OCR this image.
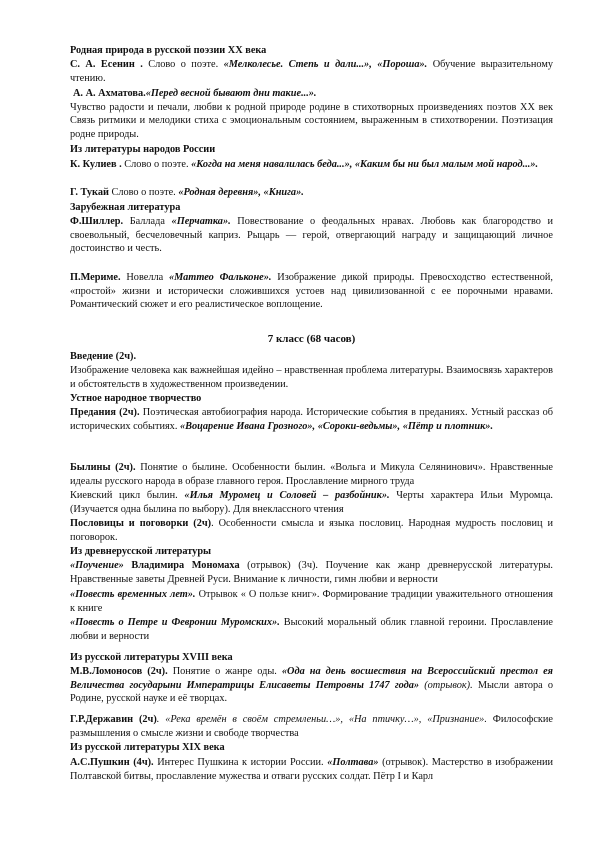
Родная природа в русской поэзии XX века

С. А. Есенин . Слово о поэте. «Мелколесье. Степь и дали...», «Пороша». Обучение выразительному чтению.

А. А. Ахматова.«Перед весной бывают дни такие...».
Чувство радости и печали, любви к родной природе родине в стихотворных произведениях поэтов XX век Связь ритмики и мелодики стиха с эмоциональным состоянием, выраженным в стихотворении. Поэтизация родне природы.

Из литературы народов России

К. Кулиев . Слово о поэте. «Когда на меня навалилась беда...», «Каким бы ни был малым мой народ...».

Г. Тукай Слово о поэте. «Родная деревня», «Книга».

Зарубежная литература

Ф.Шиллер. Баллада «Перчатка». Повествование о феодальных нравах. Любовь как благородство и своевольный, бесчеловечный каприз. Рыцарь — герой, отвергающий награду и защищающий личное достоинство и честь.

П.Мериме. Новелла «Маттео Фальконе». Изображение дикой природы. Превосходство естественной, «простой» жизни и исторически сложившихся устоев над цивилизованной с ее порочными нравами. Романтический сюжет и его реалистическое воплощение.

7 класс (68 часов)
Введение (2ч).

Изображение человека как важнейшая идейно – нравственная проблема литературы. Взаимосвязь характеров и обстоятельств в художественном произведении.

Устное народное творчество

Предания (2ч). Поэтическая автобиография народа. Исторические события в преданиях. Устный рассказ об исторических событиях. «Воцарение Ивана Грозного», «Сороки-ведьмы», «Пётр и плотник».

Былины (2ч). Понятие о былине. Особенности былин. «Вольга и Микула Селянинович». Нравственные идеалы русского народа в образе главного героя. Прославление мирного труда

Киевский цикл былин. «Илья Муромец и Соловей – разбойник». Черты характера Ильи Муромца. (Изучается одна былина по выбору). Для внеклассного чтения

Пословицы и поговорки (2ч). Особенности смысла и языка пословиц. Народная мудрость пословиц и поговорок.

Из древнерусской литературы

«Поучение» Владимира Мономаха (отрывок) (3ч). Поучение как жанр древнерусской литературы. Нравственные заветы Древней Руси. Внимание к личности, гимн любви и верности

«Повесть временных лет». Отрывок « О пользе книг». Формирование традиции уважительного отношения к книге

«Повесть о Петре и Февронии Муромских». Высокий моральный облик главной героини. Прославление любви и верности

Из русской литературы XVIII века

М.В.Ломоносов (2ч). Понятие о жанре оды. «Ода на день восшествия на Всероссийский престол ея Величества государыни Императрицы Елисаветы Петровны 1747 года» (отрывок). Мысли автора о Родине, русской науке и её творцах.

Г.Р.Державин (2ч). «Река времён в своём стремленьи…», «На птичку…», «Признание». Философские размышления о смысле жизни и свободе творчества

Из русской литературы XIX века

А.С.Пушкин (4ч). Интерес Пушкина к истории России. «Полтава» (отрывок). Мастерство в изображении Полтавской битвы, прославление мужества и отваги русских солдат. Пётр I и Карл
